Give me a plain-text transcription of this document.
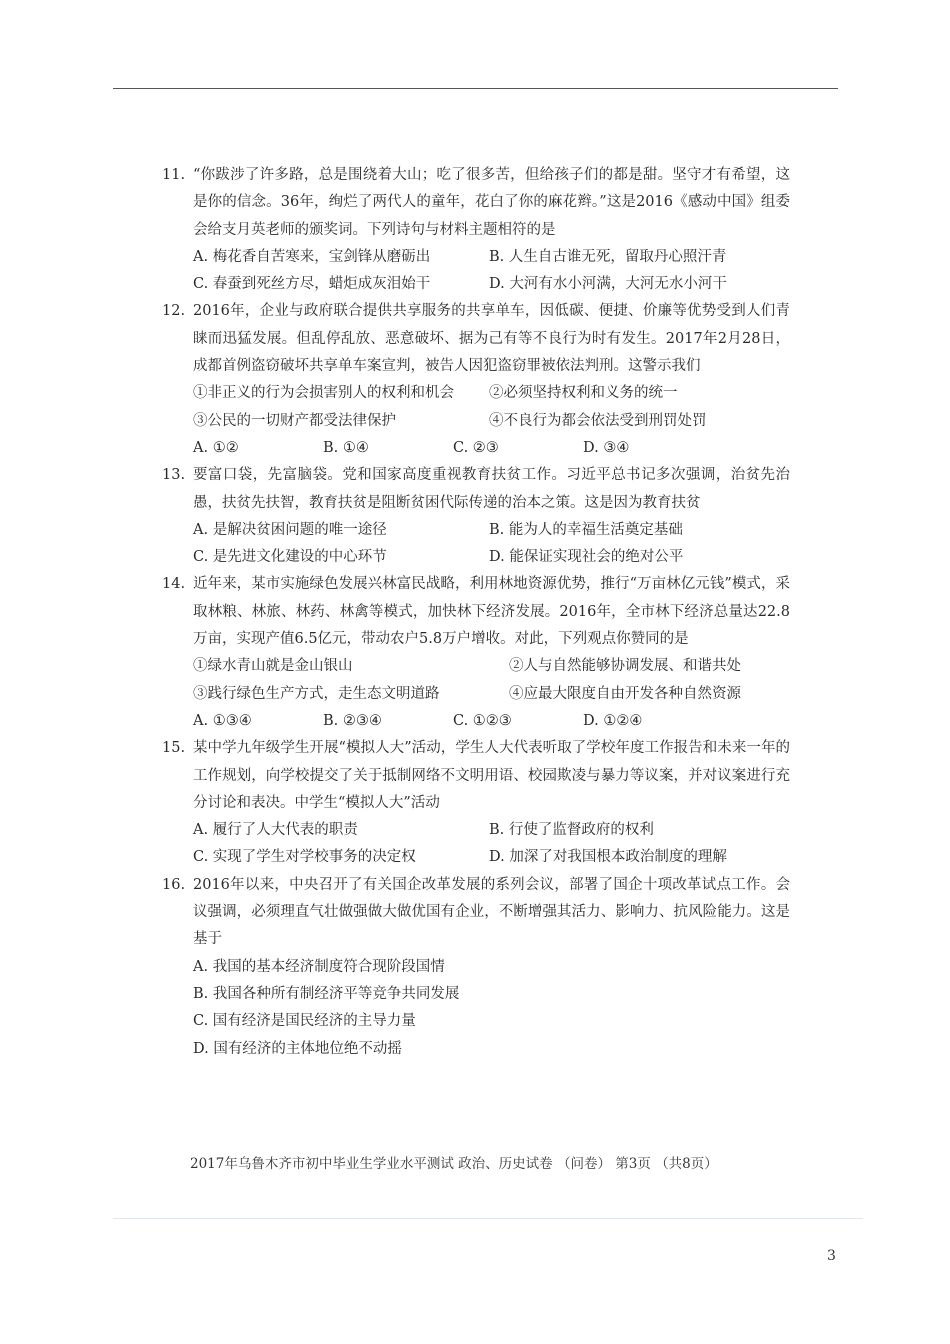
11. “你跋涉了许多路，总是围绕着大山；吃了很多苦，但给孩子们的都是甜。坚守才有希望，这是你的信念。36年，绚烂了两代人的童年，花白了你的麻花辫。”这是2016《感动中国》组委会给支月英老师的颁奖词。下列诗句与材料主题相符的是
A. 梅花香自苦寒来，宝剑锋从磨砺出	B. 人生自古谁无死，留取丹心照汗青
C. 春蚕到死丝方尽，蜡炬成灰泪始干	D. 大河有水小河满，大河无水小河干
12. 2016年，企业与政府联合提供共享服务的共享单车，因低碳、便捷、价廉等优势受到人们青睐而迅猛发展。但乱停乱放、恶意破坏、据为己有等不良行为时有发生。2017年2月28日，成都首例盗窃破坏共享单车案宣判，被告人因犯盗窃罪被依法判刑。这警示我们
①非正义的行为会损害别人的权利和机会	②必须坚持权利和义务的统一
③公民的一切财产都受法律保护	④不良行为都会依法受到刑罚处罚
A. ①②	B. ①④	C. ②③	D. ③④
13. 要富口袋，先富脑袋。党和国家高度重视教育扶贫工作。习近平总书记多次强调，治贫先治愚，扶贫先扶智，教育扶贫是阻断贫困代际传递的治本之策。这是因为教育扶贫
A. 是解决贫困问题的唯一途径	B. 能为人的幸福生活奠定基础
C. 是先进文化建设的中心环节	D. 能保证实现社会的绝对公平
14. 近年来，某市实施绿色发展兴林富民战略，利用林地资源优势，推行“万亩林亿元钱”模式，采取林粮、林旅、林药、林禽等模式，加快林下经济发展。2016年，全市林下经济总量达22.8万亩，实现产值6.5亿元，带动农户5.8万户增收。对此，下列观点你赞同的是
①绿水青山就是金山银山	②人与自然能够协调发展、和谐共处
③践行绿色生产方式，走生态文明道路	④应最大限度自由开发各种自然资源
A. ①③④	B. ②③④	C. ①②③	D. ①②④
15. 某中学九年级学生开展“模拟人大”活动，学生人大代表听取了学校年度工作报告和未来一年的工作规划，向学校提交了关于抵制网络不文明用语、校园欺凌与暴力等议案，并对议案进行充分讨论和表决。中学生“模拟人大”活动
A. 履行了人大代表的职责	B. 行使了监督政府的权利
C. 实现了学生对学校事务的决定权	D. 加深了对我国根本政治制度的理解
16. 2016年以来，中央召开了有关国企改革发展的系列会议，部署了国企十项改革试点工作。会议强调，必须理直气壮做强做大做优国有企业，不断增强其活力、影响力、抗风险能力。这是基于
A. 我国的基本经济制度符合现阶段国情
B. 我国各种所有制经济平等竞争共同发展
C. 国有经济是国民经济的主导力量
D. 国有经济的主体地位绝不动摇
2017年乌鲁木齐市初中毕业生学业水平测试 政治、历史试卷 （问卷） 第3页 （共8页）
3
